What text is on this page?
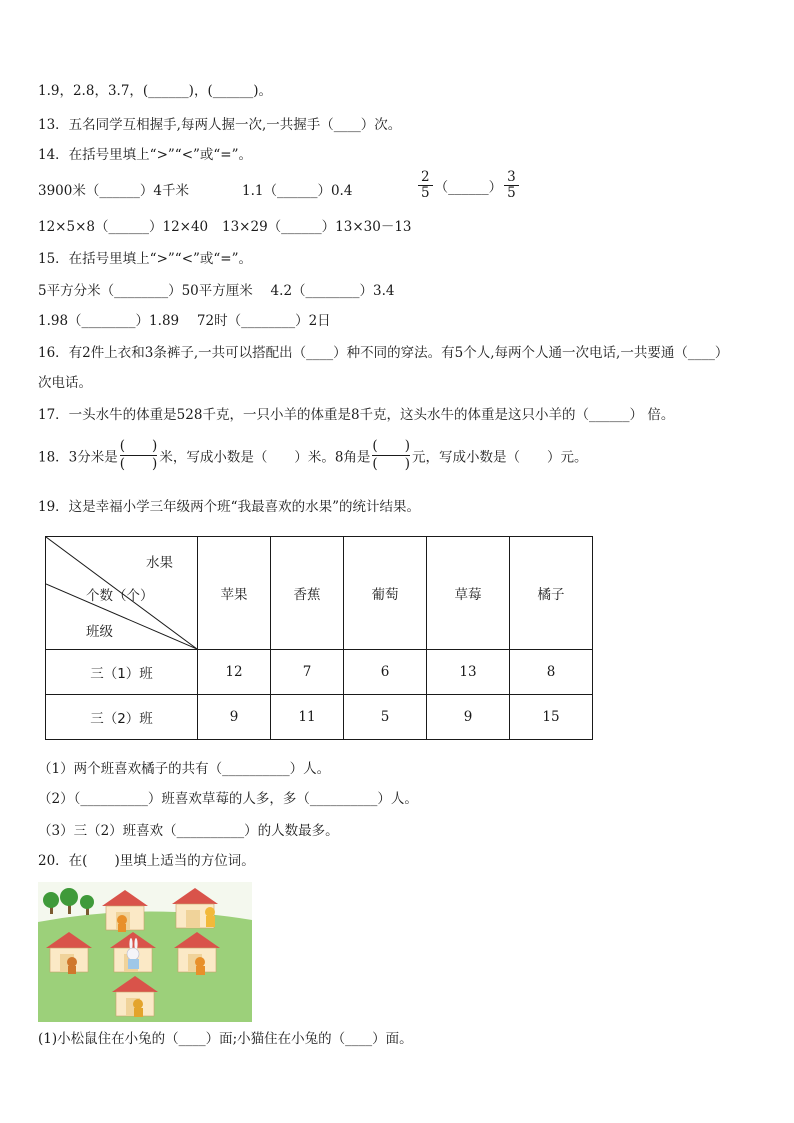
1.9，2.8，3.7，(______)，(______)。
13．五名同学互相握手,每两人握一次,一共握手（____）次。
14．在括号里填上“>”“<”或“=”。
3900米（______）4千米	1.1（______）0.4	$\frac{2}{5}$ （______） $\frac{3}{5}$
12×5×8（______）12×40 13×29（______）13×30－13
15．在括号里填上“>”“<”或“=”。
5平方分米（________）50平方厘米　 4.2（________）3.4
1.98（________）1.89　 72时（________）2日
16．有2件上衣和3条裤子,一共可以搭配出（____）种不同的穿法。有5个人,每两个人通一次电话,一共要通（____）
次电话。
17．一头水牛的体重是528千克，一只小羊的体重是8千克，这头水牛的体重是这只小羊的（______） 倍。
18．3分米是 $\frac{( )}{( )}$ 米，写成小数是（　　）米。8角是 $\frac{( )}{( )}$ 元，写成小数是（　　）元。
19．这是幸福小学三年级两个班“我最喜欢的水果”的统计结果。
水果
个数（个）
班级	苹果	香蕉	葡萄	草莓	橘子
三（1）班	12	7	6	13	8
三（2）班	9	11	5	9	15
（1）两个班喜欢橘子的共有（__________）人。
（2）（__________）班喜欢草莓的人多，多（__________）人。
（3）三（2）班喜欢（__________）的人数最多。
20．在(　　)里填上适当的方位词。
(1)小松鼠住在小兔的（____）面;小猫住在小兔的（____）面。
